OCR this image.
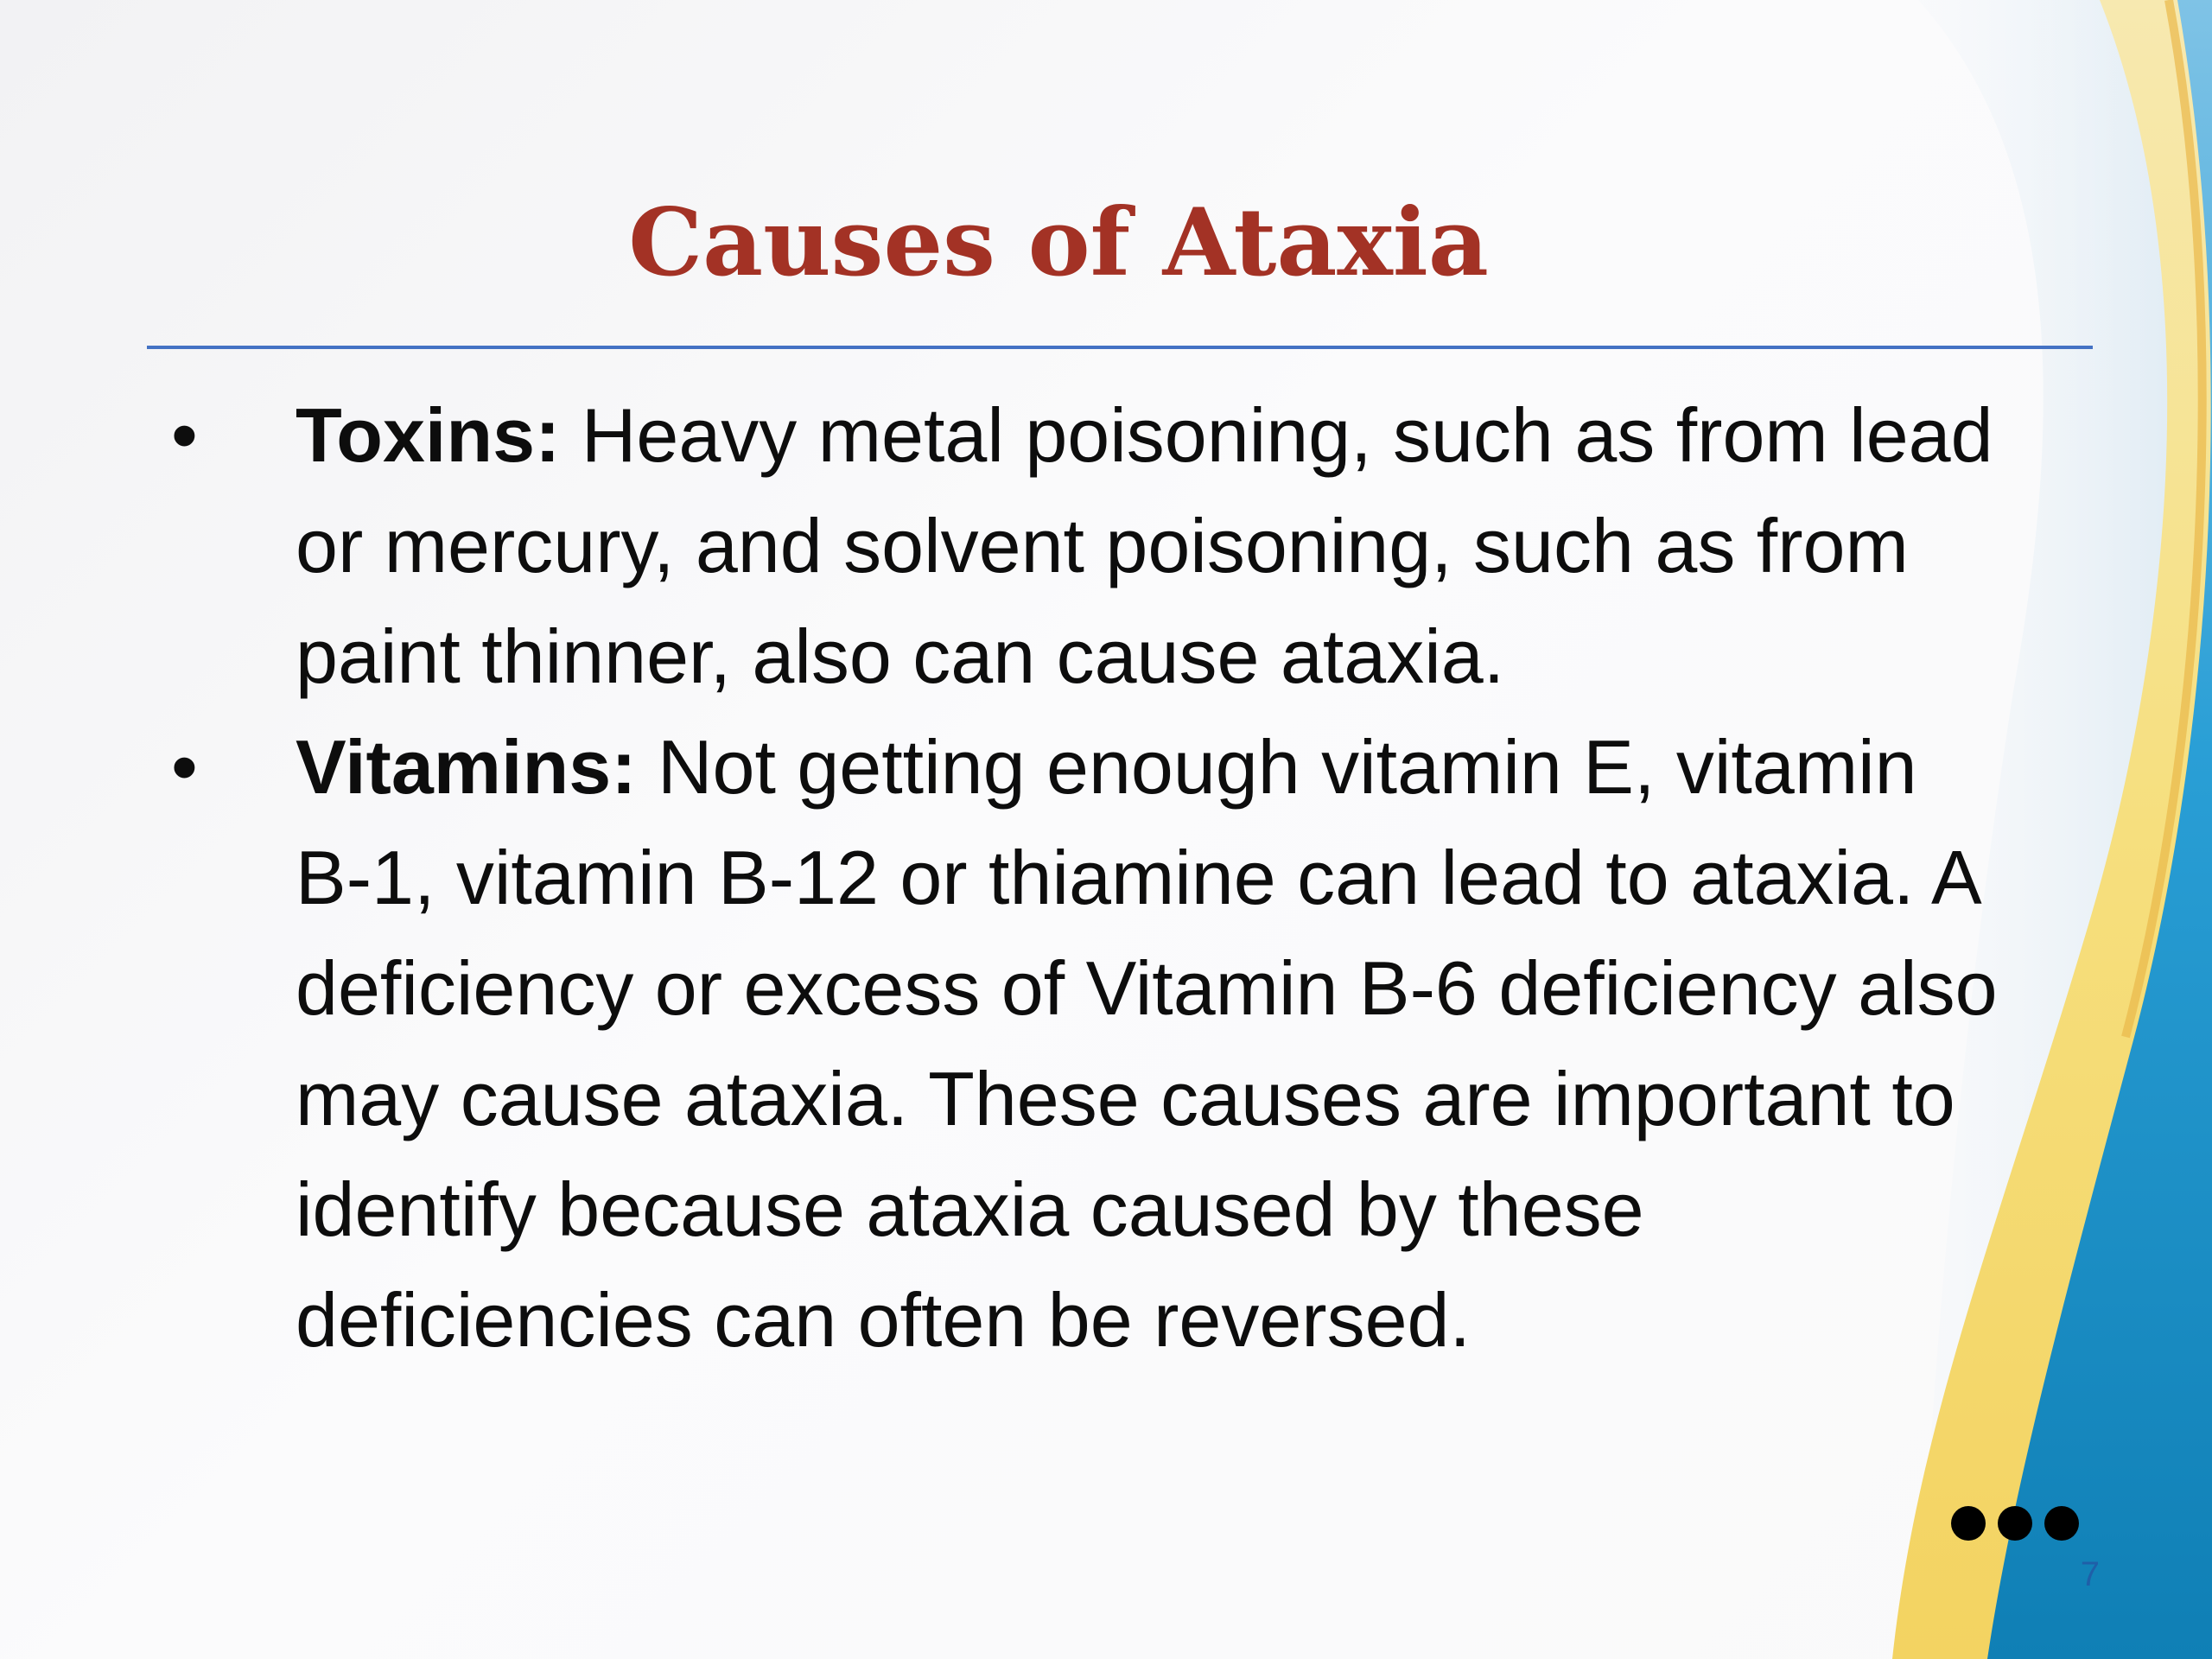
Causes of Ataxia
• Toxins: Heavy metal poisoning, such as from lead or mercury, and solvent poisoning, such as from paint thinner, also can cause ataxia.
• Vitamins: Not getting enough vitamin E, vitamin B-1, vitamin B-12 or thiamine can lead to ataxia. A deficiency or excess of Vitamin B-6 deficiency also may cause ataxia. These causes are important to identify because ataxia caused by these deficiencies can often be reversed.
7
